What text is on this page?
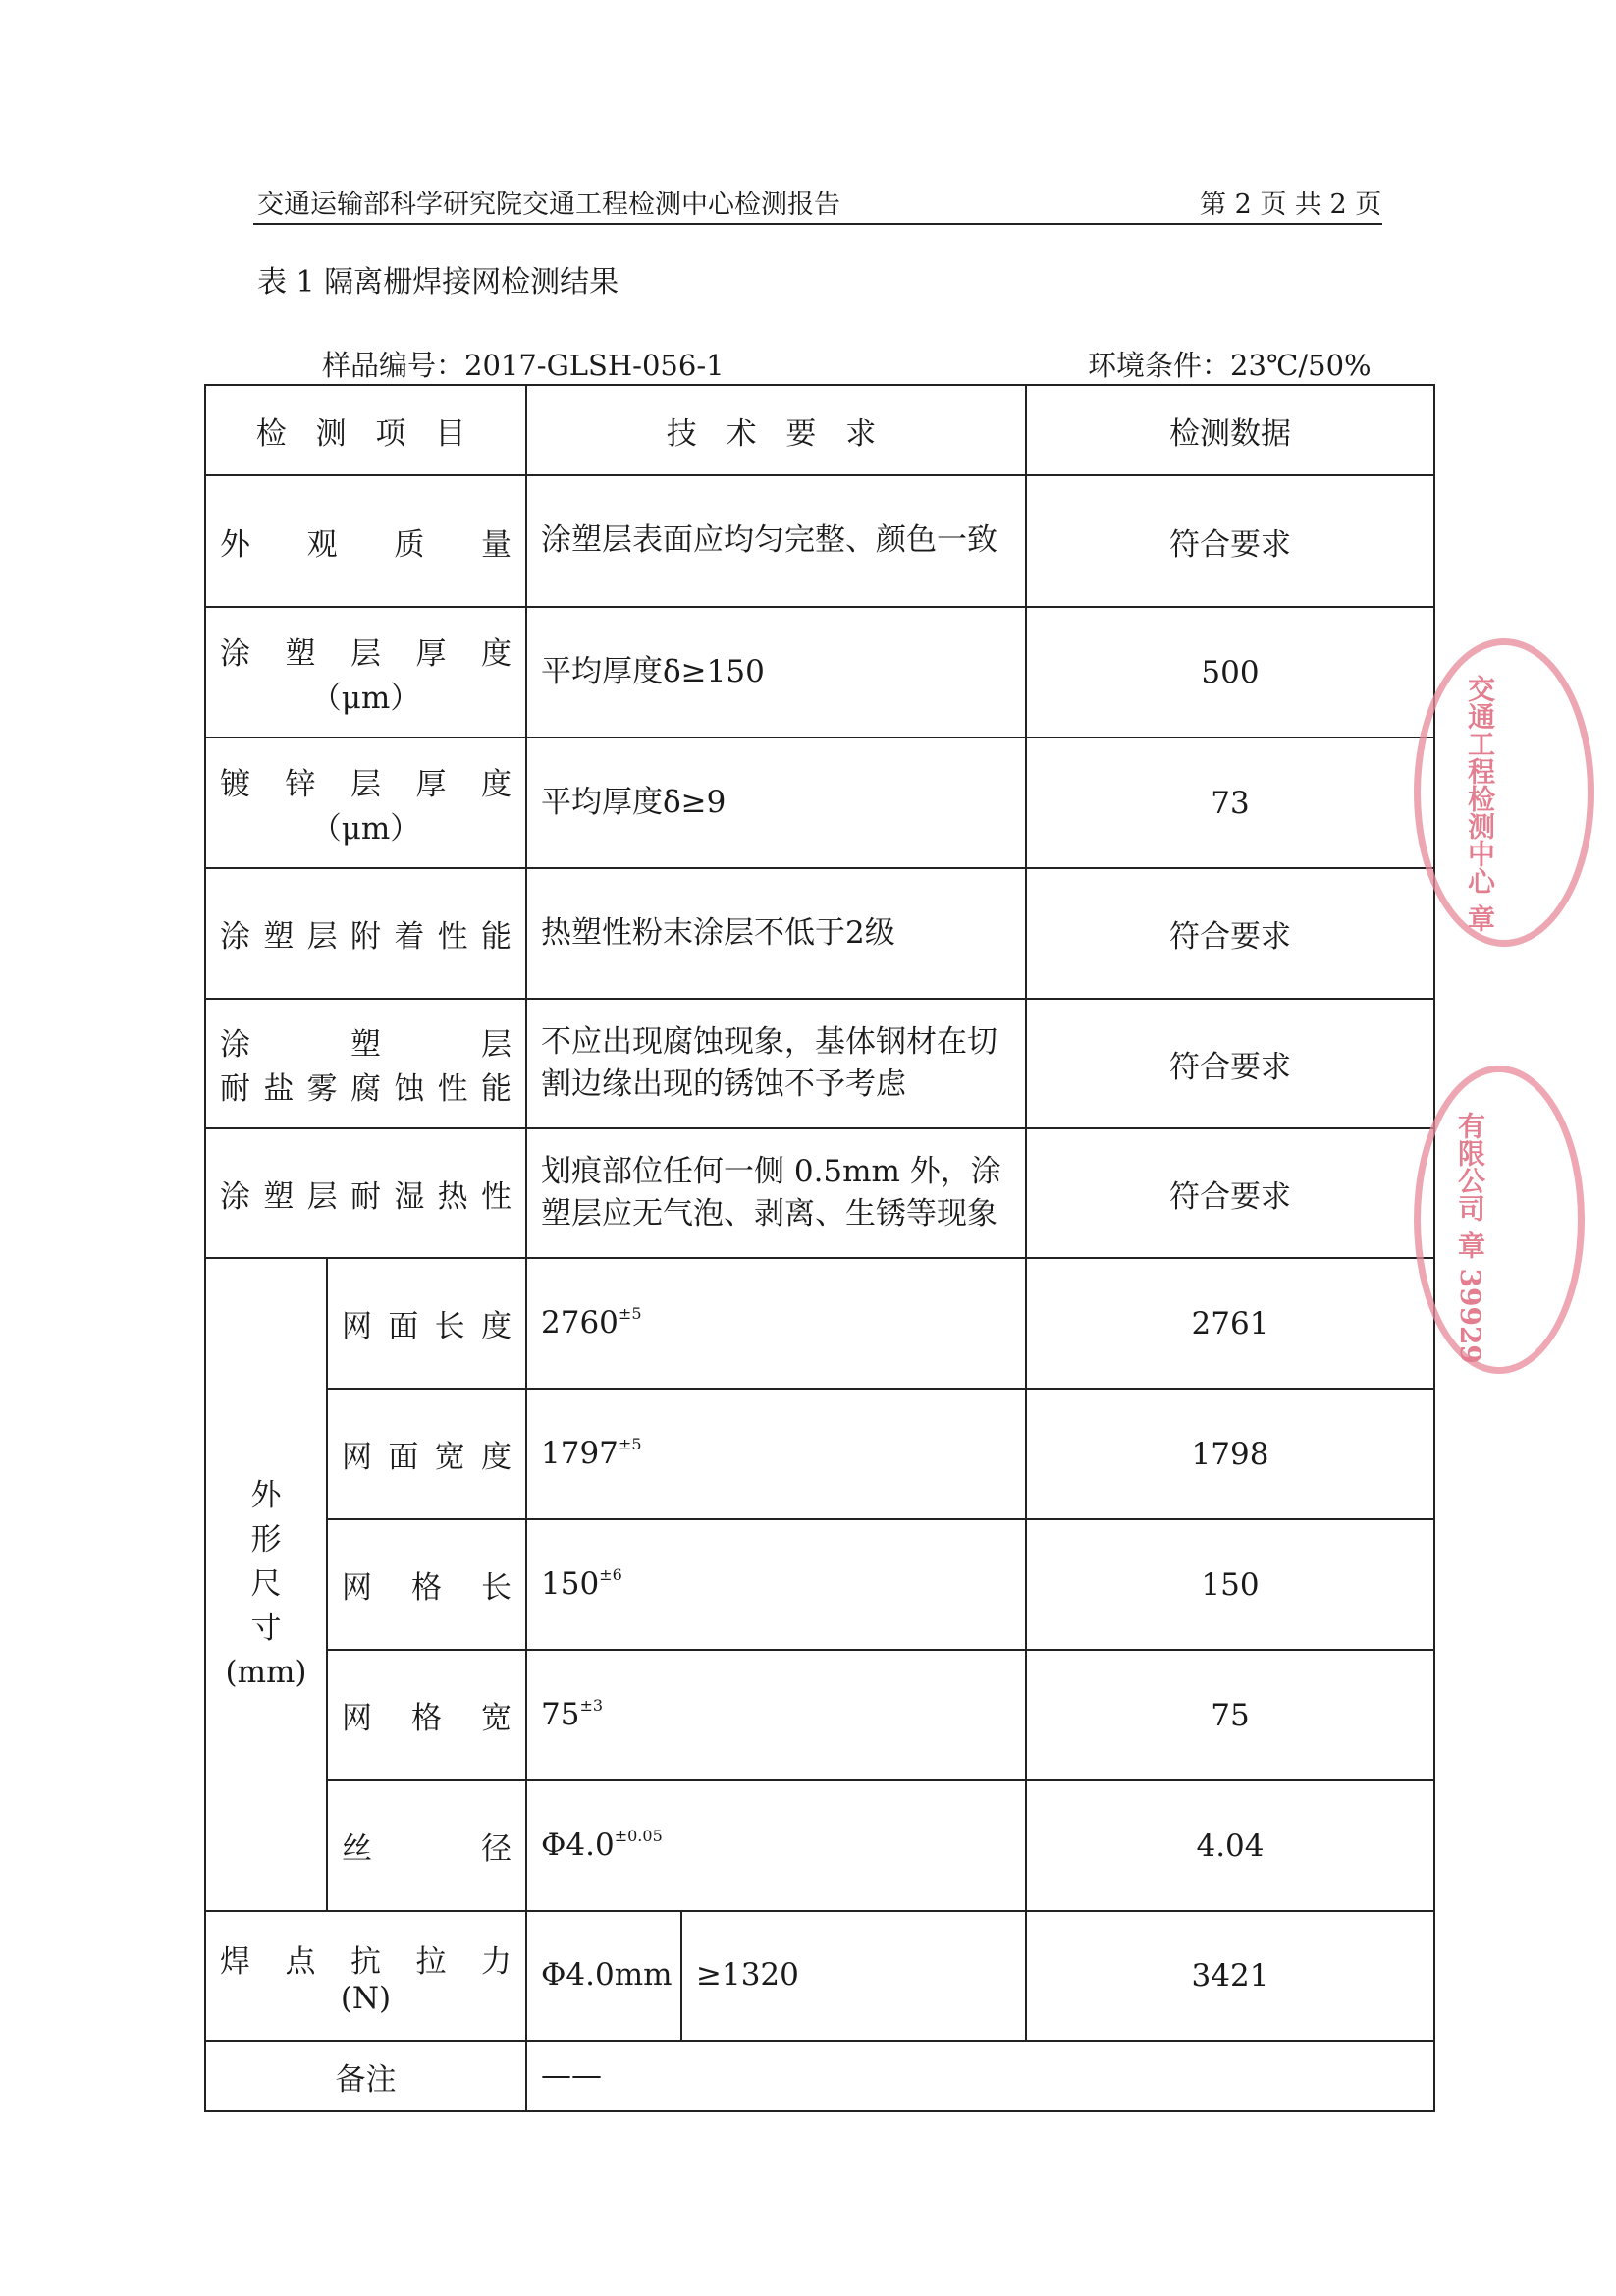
交通运输部科学研究院交通工程检测中心检测报告	第 2 页 共 2 页
表 1 隔离栅焊接网检测结果
样品编号：2017-GLSH-056-1	环境条件：23℃/50%
检 测 项 目		技 术 要 求		检测数据
外观质量		涂塑层表面应均匀完整、颜色一致		符合要求

涂塑层厚度
（μm）		平均厚度δ≥150		500

镀锌层厚度
（μm）		平均厚度δ≥9		73
涂塑层附着性能		热塑性粉末涂层不低于2级		符合要求

涂塑层
耐盐雾腐蚀性能		不应出现腐蚀现象，基体钢材在切割边缘出现的锈蚀不予考虑		符合要求
涂塑层耐湿热性		划痕部位任何一侧 0.5mm 外，涂塑层应无气泡、剥离、生锈等现象		符合要求

外
形
尺
寸
(mm)	网面长度	$2760^{\pm 5}$		2761
	网面宽度	$1797^{\pm 5}$		1798
	网格长	$150^{\pm 6}$		150
	网格宽	$75^{\pm 3}$		75
	丝径	$\Phi 4.0^{\pm 0.05}$		4.04

焊点抗拉力
(N)		Φ4.0mm	≥1320	3421
备注		——		
交通工程检测中心 章
有限公司 章 39929
